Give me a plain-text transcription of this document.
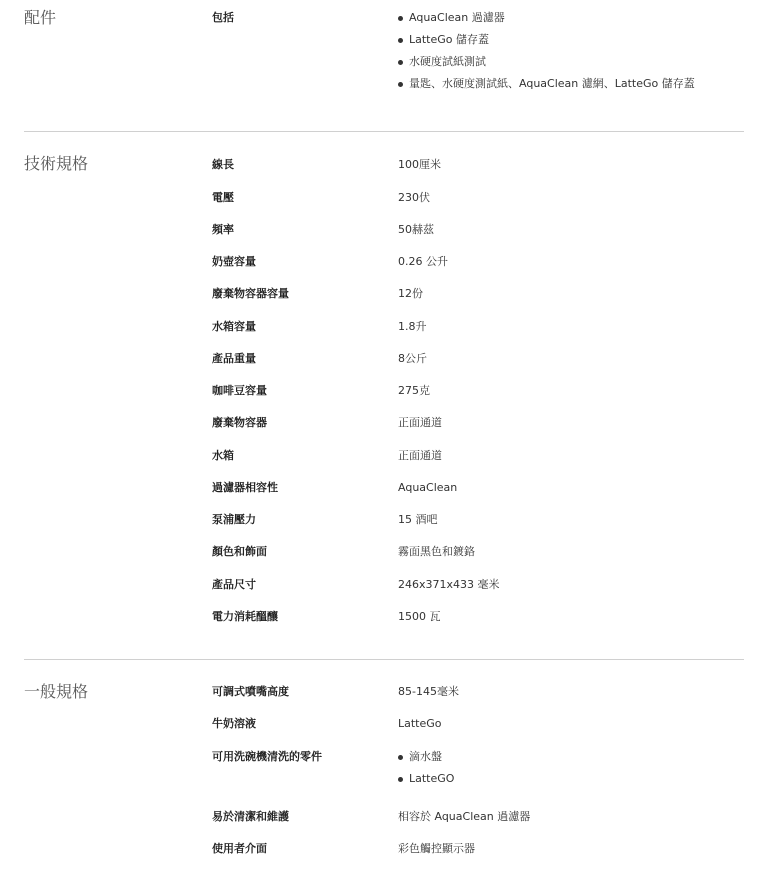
配件	包括	AquaClean 過濾器
LatteGo 儲存蓋
水硬度試紙測試
量匙、水硬度測試紙、AquaClean 濾網、LatteGo 儲存蓋
技術規格	線長	100厘米
電壓	230伏
頻率	50赫茲
奶壺容量	0.26 公升
廢棄物容器容量	12份
水箱容量	1.8升
產品重量	8公斤
咖啡豆容量	275克
廢棄物容器	正面通道
水箱	正面通道
過濾器相容性	AquaClean
泵浦壓力	15 酒吧
顏色和飾面	霧面黑色和鍍鉻
產品尺寸	246x371x433 毫米
電力消耗醞釀	1500 瓦
一般規格	可調式噴嘴高度	85-145毫米
牛奶溶液	LatteGo
可用洗碗機清洗的零件	滴水盤
LatteGO
易於清潔和維護	相容於 AquaClean 過濾器
使用者介面	彩色觸控顯示器
